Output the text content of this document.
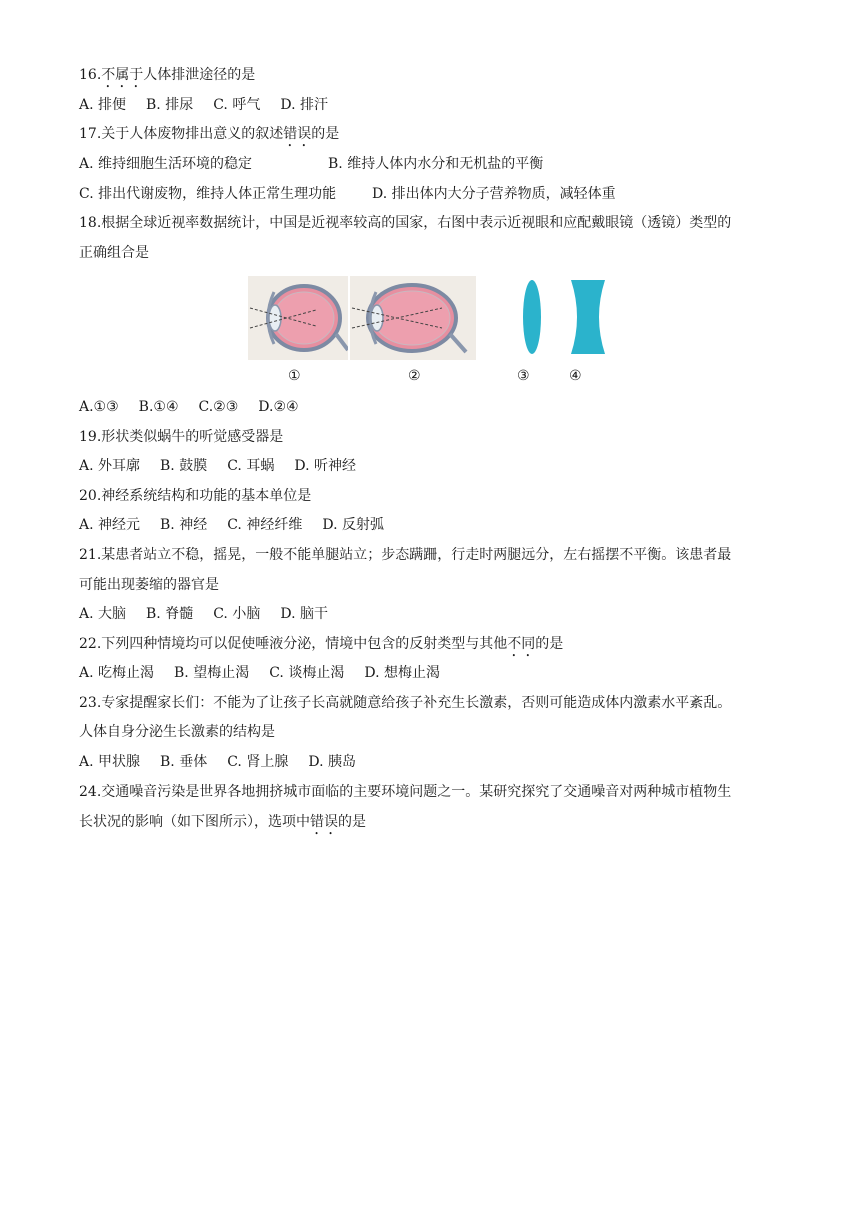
16.不属于人体排泄途径的是

A. 排便 B. 排尿 C. 呼气 D. 排汗

17.关于人体废物排出意义的叙述错误的是

A. 维持细胞生活环境的稳定	B. 维持人体内水分和无机盐的平衡

C. 排出代谢废物，维持人体正常生理功能	D. 排出体内大分子营养物质，减轻体重

18.根据全球近视率数据统计，中国是近视率较高的国家，右图中表示近视眼和应配戴眼镜（透镜）类型的

正确组合是

①	②	③	④

A.①③ B.①④ C.②③ D.②④

19.形状类似蜗牛的听觉感受器是

A. 外耳廓 B. 鼓膜 C. 耳蜗 D. 听神经

20.神经系统结构和功能的基本单位是

A. 神经元 B. 神经 C. 神经纤维 D. 反射弧

21.某患者站立不稳，摇晃，一般不能单腿站立；步态蹒跚，行走时两腿远分，左右摇摆不平衡。该患者最

可能出现萎缩的器官是

A. 大脑 B. 脊髓 C. 小脑 D. 脑干

22.下列四种情境均可以促使唾液分泌，情境中包含的反射类型与其他不同的是

A. 吃梅止渴 B. 望梅止渴 C. 谈梅止渴 D. 想梅止渴

23.专家提醒家长们：不能为了让孩子长高就随意给孩子补充生长激素，否则可能造成体内激素水平紊乱。

人体自身分泌生长激素的结构是

A. 甲状腺 B. 垂体 C. 肾上腺 D. 胰岛

24.交通噪音污染是世界各地拥挤城市面临的主要环境问题之一。某研究探究了交通噪音对两种城市植物生

长状况的影响（如下图所示），选项中错误的是
